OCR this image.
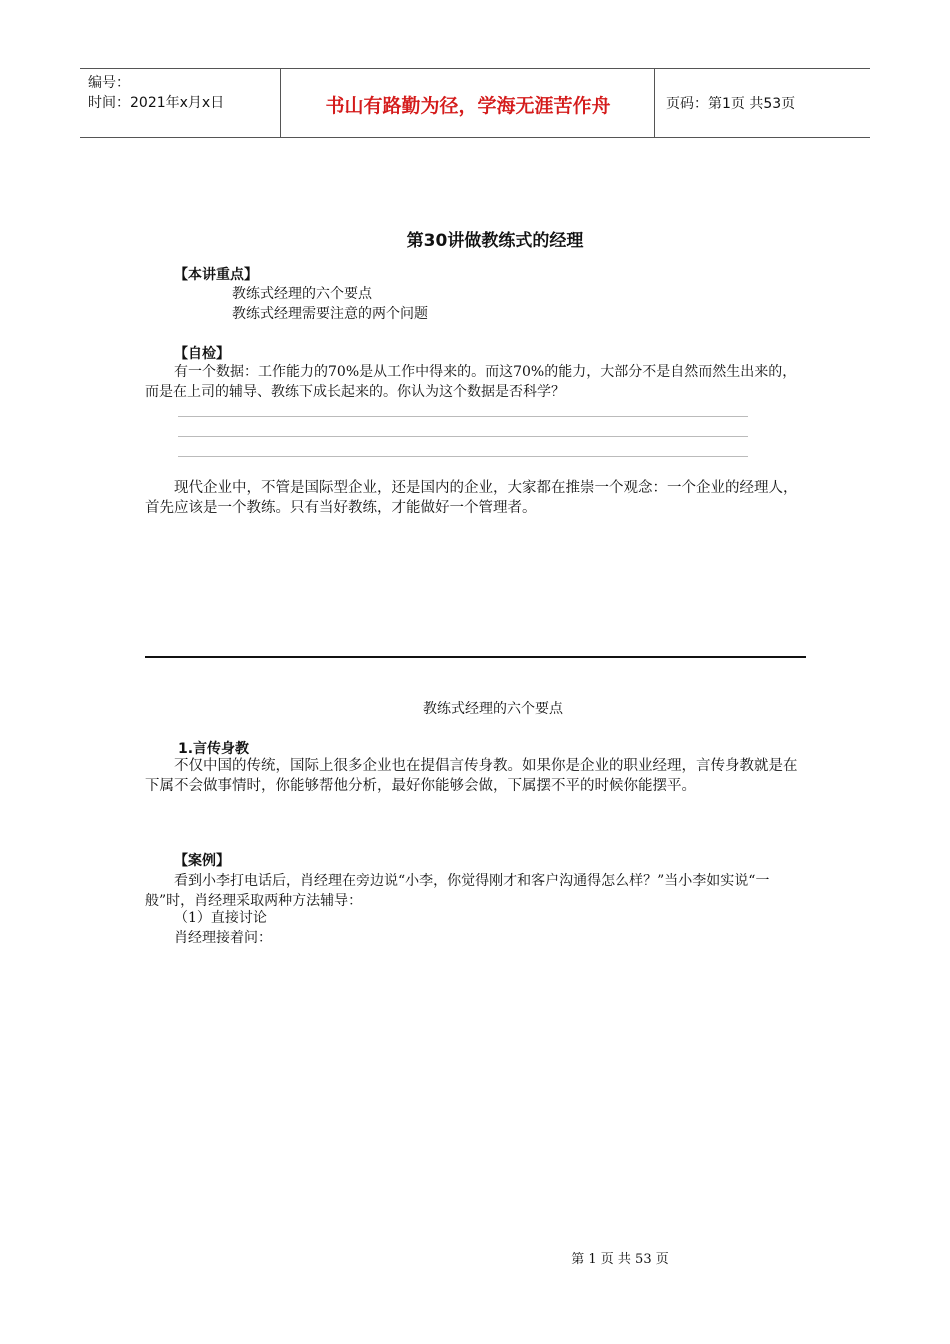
编号：
时间：2021年x月x日	书山有路勤为径，学海无涯苦作舟	页码：第1页 共53页
第30讲做教练式的经理
【本讲重点】
教练式经理的六个要点
教练式经理需要注意的两个问题
【自检】

有一个数据：工作能力的70%是从工作中得来的。而这70%的能力，大部分不是自然而然生出来的，而是在上司的辅导、教练下成长起来的。你认为这个数据是否科学？

现代企业中，不管是国际型企业，还是国内的企业，大家都在推崇一个观念：一个企业的经理人，首先应该是一个教练。只有当好教练，才能做好一个管理者。

教练式经理的六个要点
1.言传身教

不仅中国的传统，国际上很多企业也在提倡言传身教。如果你是企业的职业经理，言传身教就是在下属不会做事情时，你能够帮他分析，最好你能够会做，下属摆不平的时候你能摆平。

【案例】

看到小李打电话后，肖经理在旁边说“小李，你觉得刚才和客户沟通得怎么样？”当小李如实说“一般”时，肖经理采取两种方法辅导：

（1）直接讨论
肖经理接着问：
第 1 页 共 53 页
